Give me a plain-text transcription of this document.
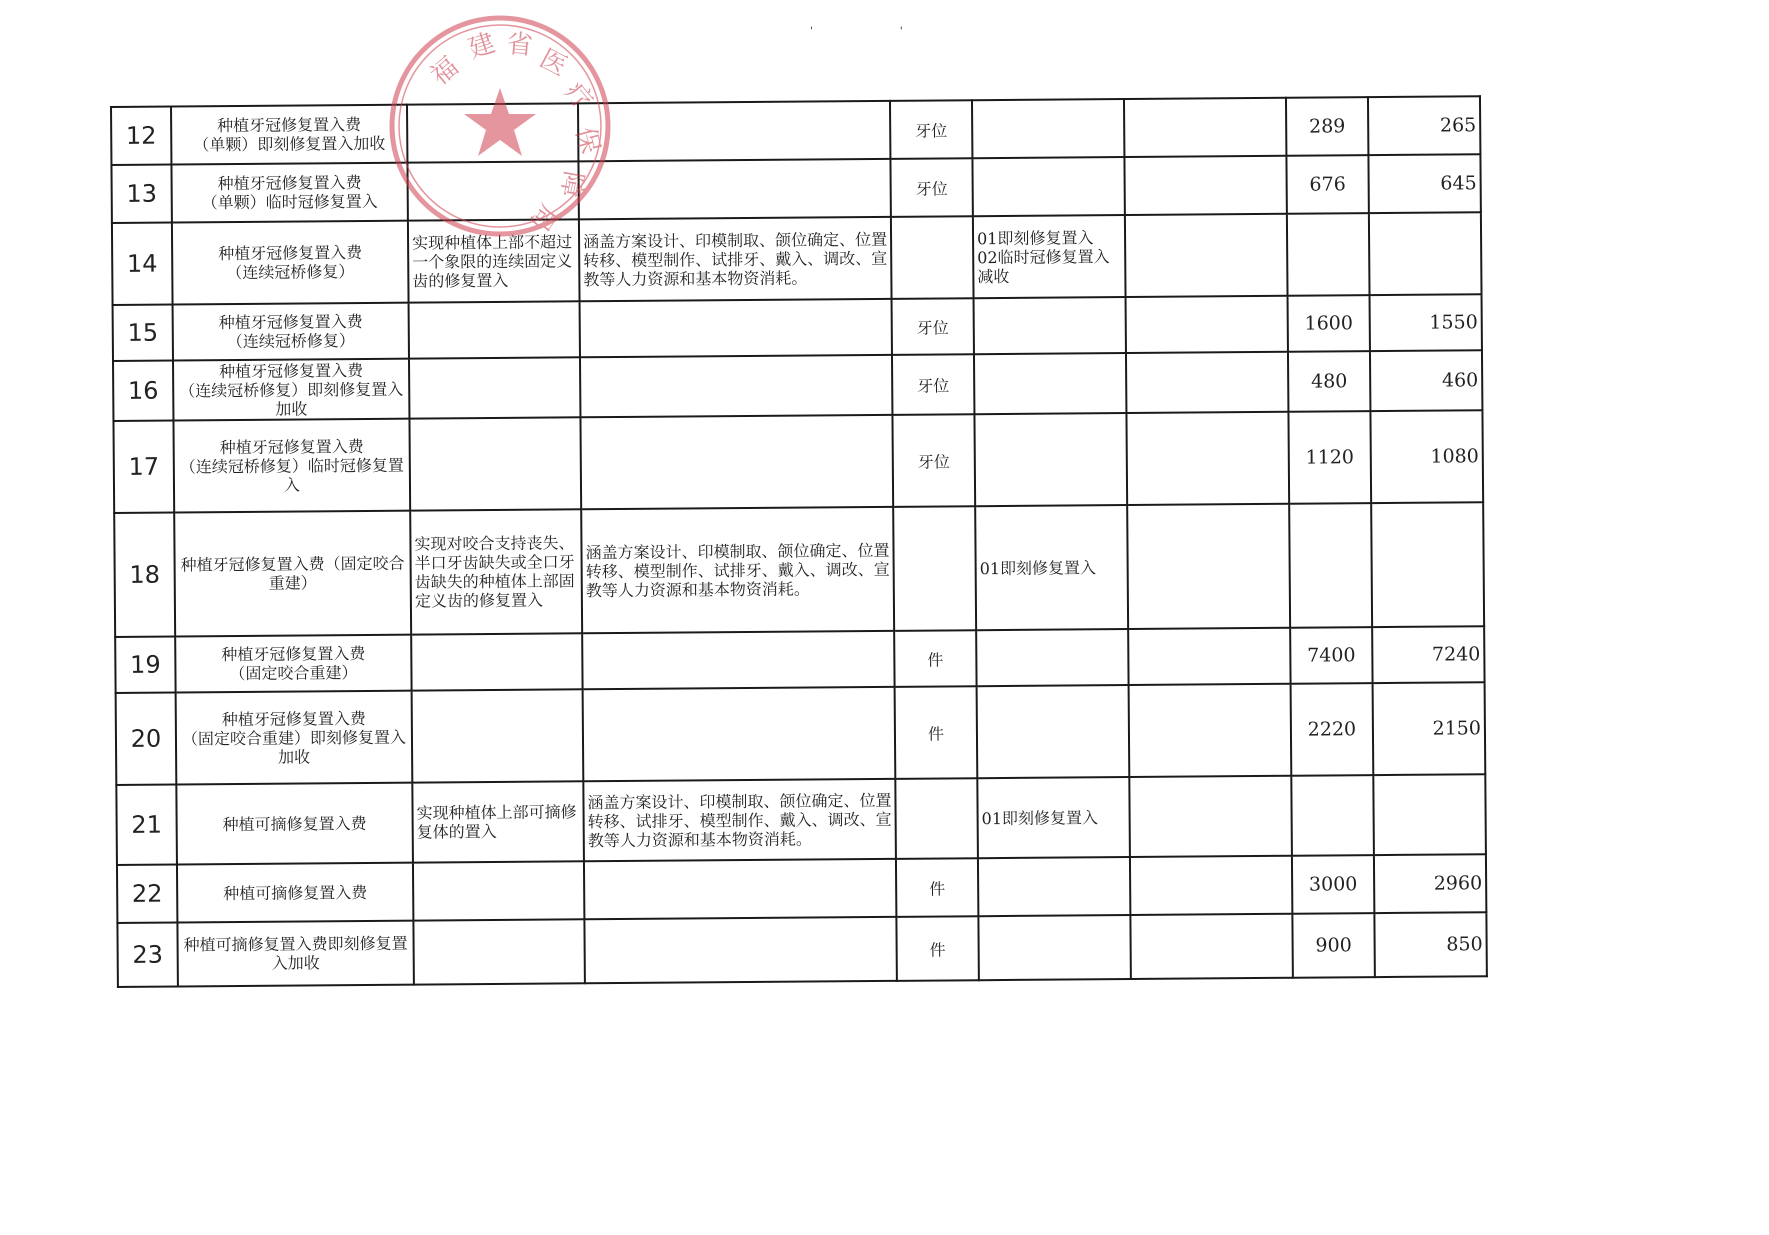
' '
福
建 省 医
疗
保
障
局
12	种植牙冠修复置入费
（单颗）即刻修复置入加收			牙位			289	265
13	种植牙冠修复置入费
（单颗）临时冠修复置入			牙位			676	645
14	种植牙冠修复置入费
（连续冠桥修复）	实现种植体上部不超过一个象限的连续固定义齿的修复置入	涵盖方案设计、印模制取、颌位确定、位置转移、模型制作、试排牙、戴入、调改、宣教等人力资源和基本物资消耗。		01即刻修复置入
02临时冠修复置入
减收			
15	种植牙冠修复置入费
（连续冠桥修复）			牙位			1600	1550
16	种植牙冠修复置入费
（连续冠桥修复）即刻修复置入加收			牙位			480	460
17	种植牙冠修复置入费
（连续冠桥修复）临时冠修复置入			牙位			1120	1080
18	种植牙冠修复置入费（固定咬合重建）	实现对咬合支持丧失、半口牙齿缺失或全口牙齿缺失的种植体上部固定义齿的修复置入	涵盖方案设计、印模制取、颌位确定、位置转移、模型制作、试排牙、戴入、调改、宣教等人力资源和基本物资消耗。		01即刻修复置入			
19	种植牙冠修复置入费
（固定咬合重建）			件			7400	7240
20	种植牙冠修复置入费
（固定咬合重建）即刻修复置入加收			件			2220	2150
21	种植可摘修复置入费	实现种植体上部可摘修复体的置入	涵盖方案设计、印模制取、颌位确定、位置转移、试排牙、模型制作、戴入、调改、宣教等人力资源和基本物资消耗。		01即刻修复置入			
22	种植可摘修复置入费			件			3000	2960
23	种植可摘修复置入费即刻修复置入加收			件			900	850
